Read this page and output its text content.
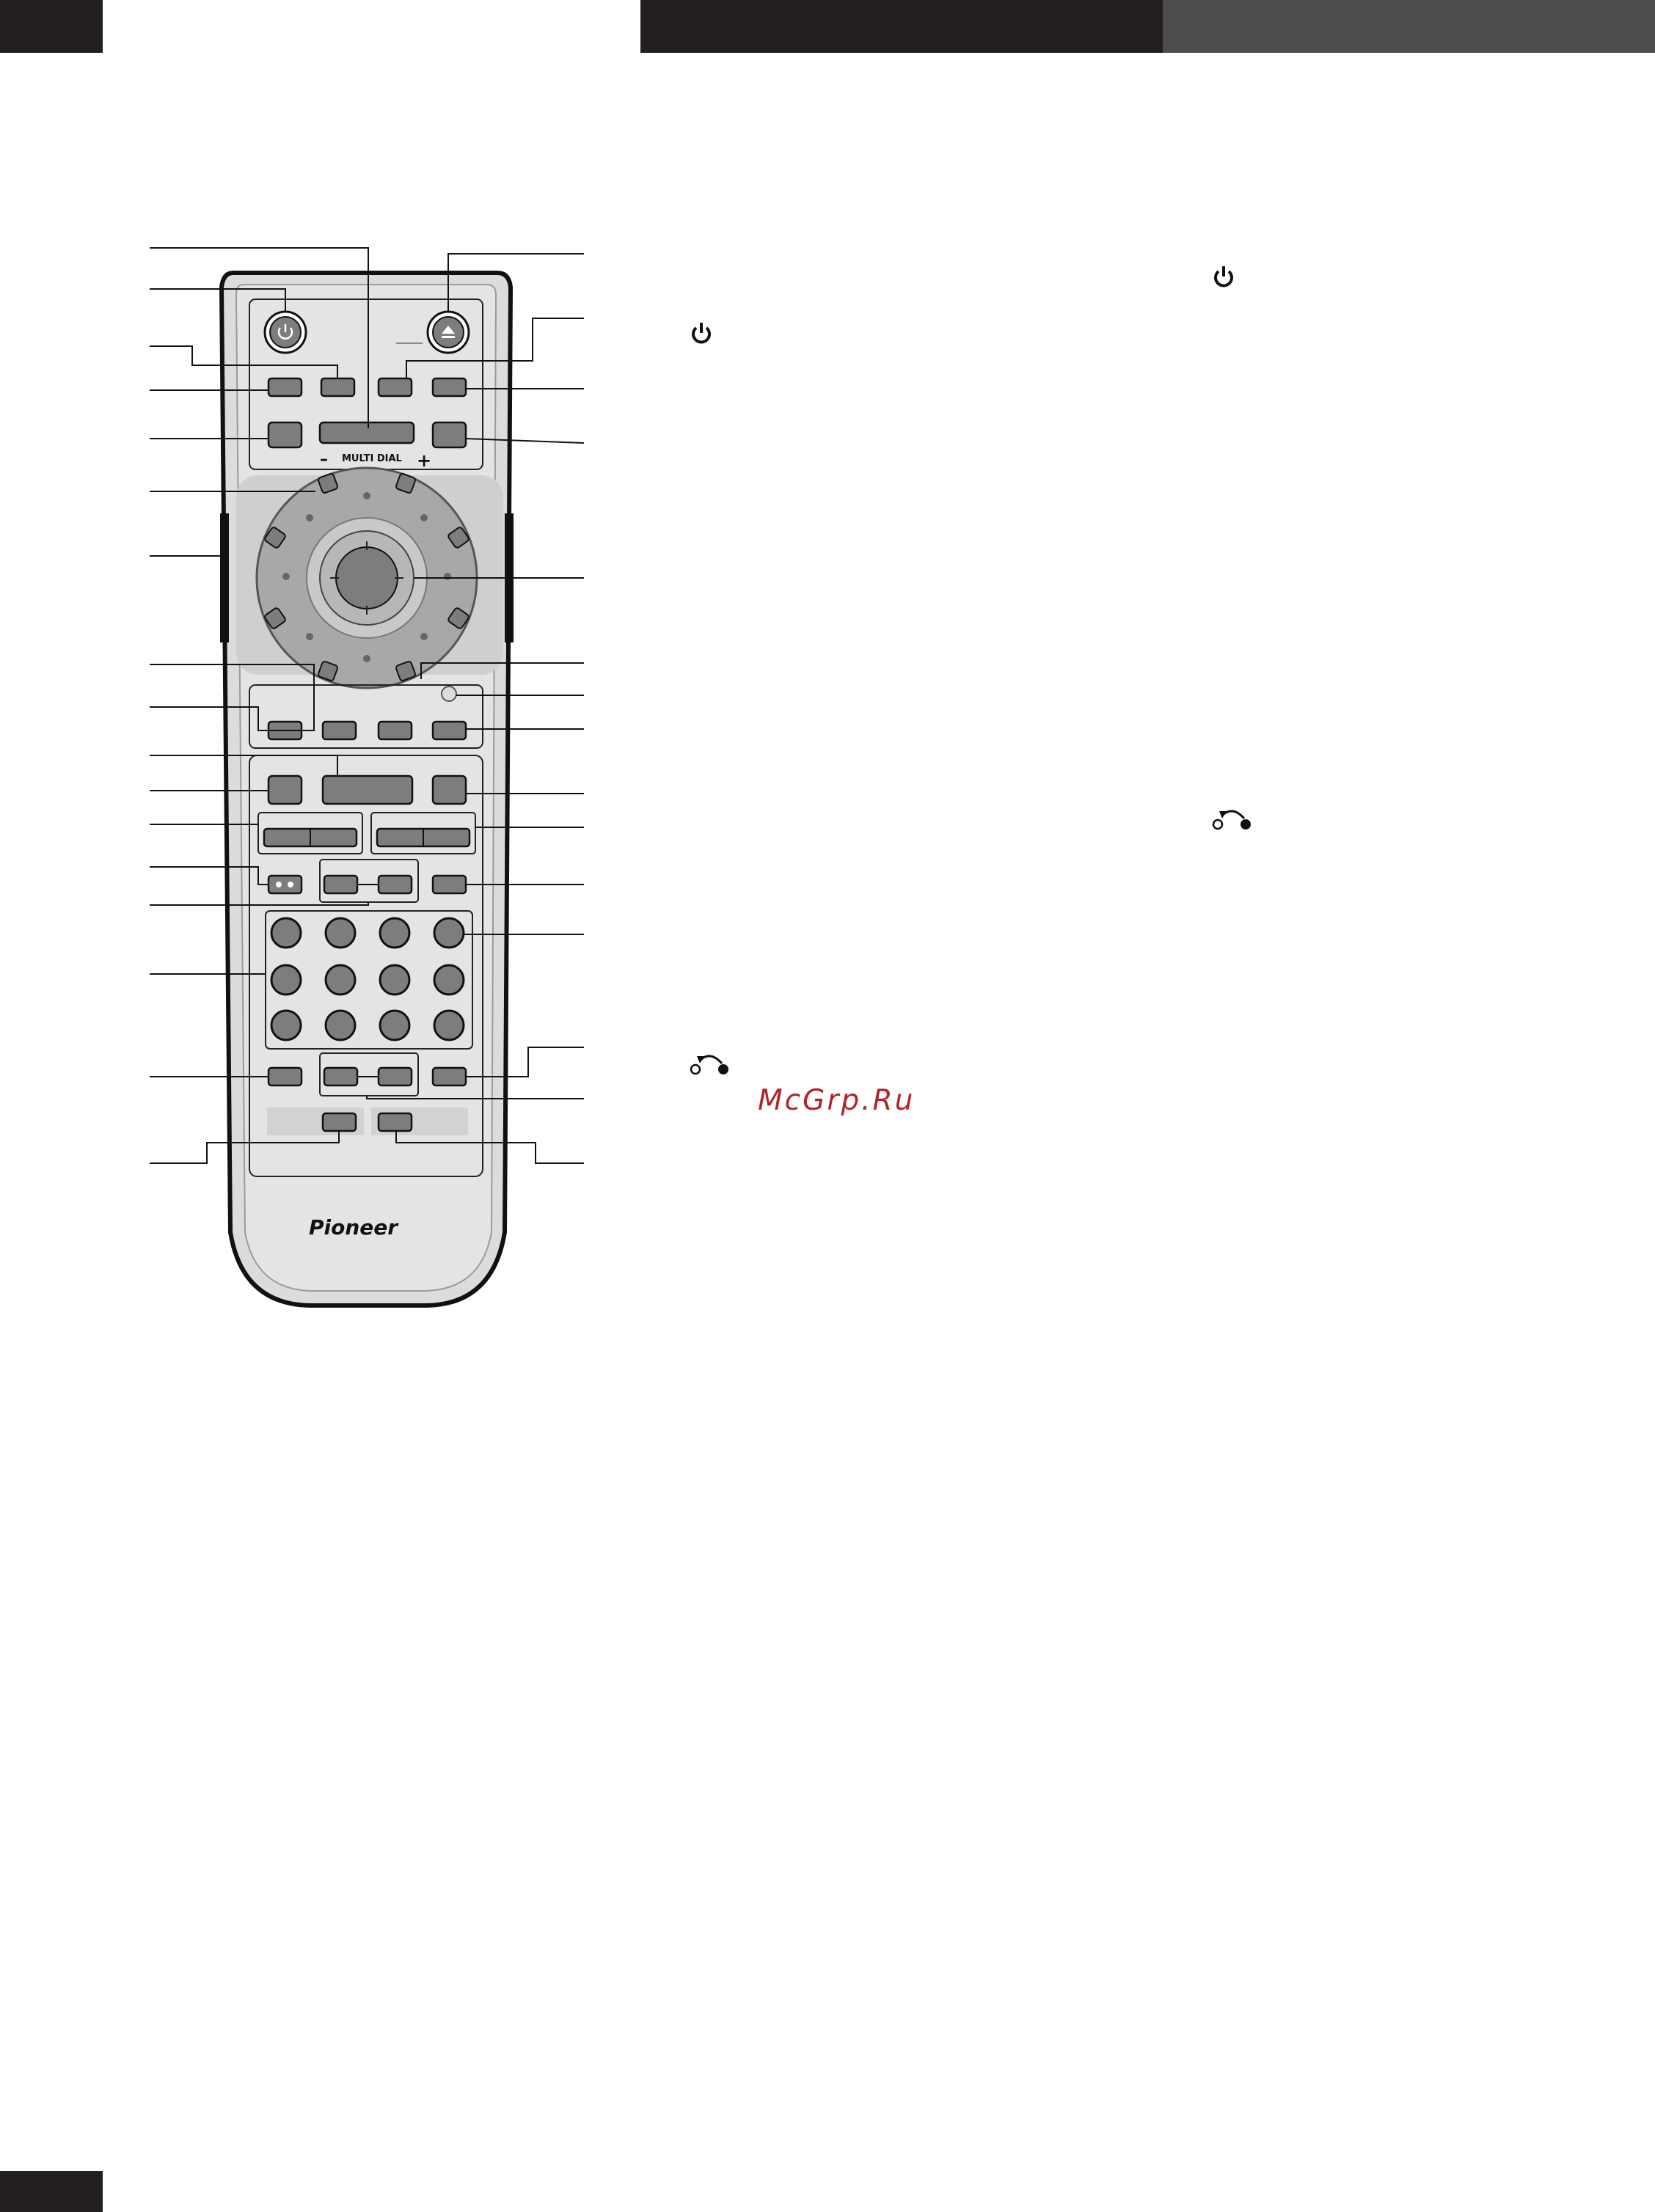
– MULTI DIAL +
Pioneer
McGrp.Ru
